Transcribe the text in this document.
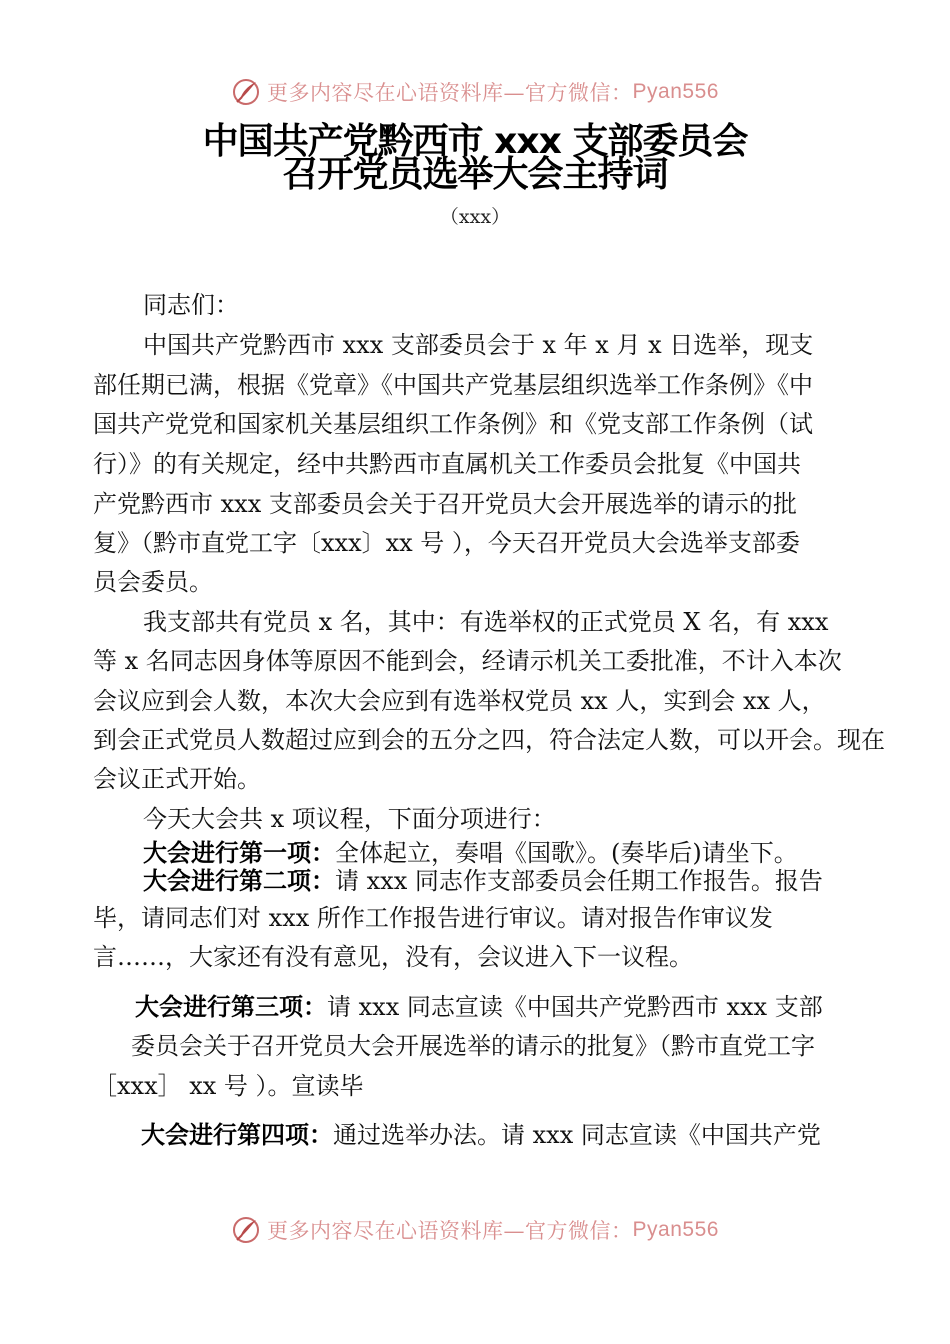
更多内容尽在心语资料库—官方微信： Pyan556
中国共产党黔西市 xxx 支部委员会
召开党员选举大会主持词
（xxx）
同志们：
中国共产党黔西市 xxx 支部委员会于 x 年 x 月 x 日选举，现支
部任期已满，根据《党章》《中国共产党基层组织选举工作条例》《中
国共产党党和国家机关基层组织工作条例》和《党支部工作条例（试
行）》的有关规定，经中共黔西市直属机关工作委员会批复《中国共
产党黔西市 xxx 支部委员会关于召开党员大会开展选举的请示的批
复》（黔市直党工字〔xxx〕xx 号 ），今天召开党员大会选举支部委
员会委员。
我支部共有党员 x 名，其中：有选举权的正式党员 X 名，有 xxx
等 x 名同志因身体等原因不能到会，经请示机关工委批准，不计入本次
会议应到会人数，本次大会应到有选举权党员 xx 人，实到会 xx 人，
到会正式党员人数超过应到会的五分之四，符合法定人数，可以开会。现在
会议正式开始。
今天大会共 x 项议程，下面分项进行：
大会进行第一项：全体起立，奏唱《国歌》。(奏毕后)请坐下。
大会进行第二项：请 xxx 同志作支部委员会任期工作报告。报告
毕，请同志们对 xxx 所作工作报告进行审议。请对报告作审议发
言……，大家还有没有意见，没有，会议进入下一议程。
大会进行第三项：请 xxx 同志宣读《中国共产党黔西市 xxx 支部
委员会关于召开党员大会开展选举的请示的批复》（黔市直党工字
［xxx］ xx 号 ）。宣读毕
大会进行第四项：通过选举办法。请 xxx 同志宣读《中国共产党
更多内容尽在心语资料库—官方微信： Pyan556
